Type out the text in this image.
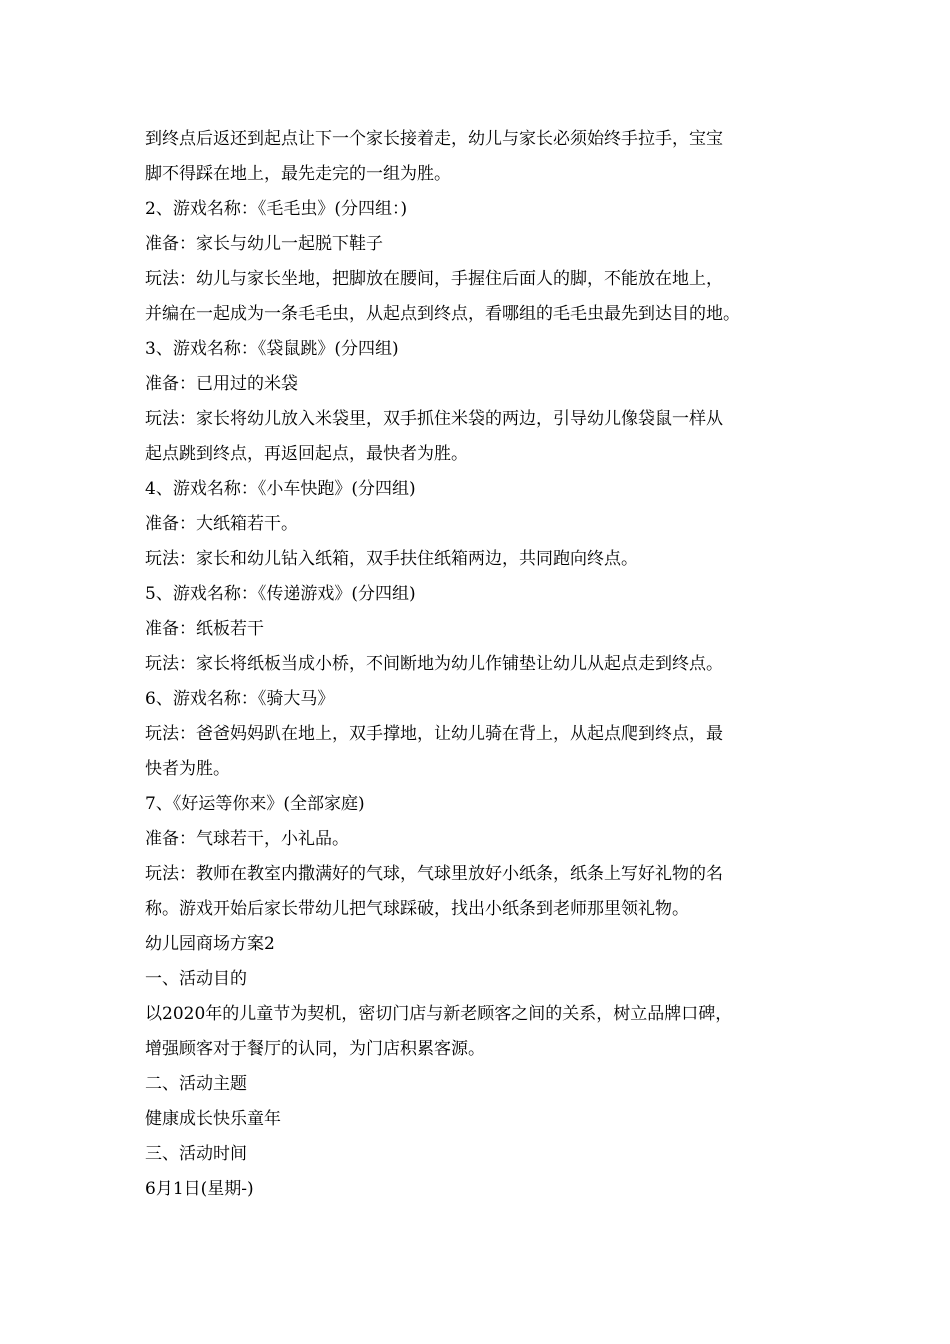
到终点后返还到起点让下一个家长接着走，幼儿与家长必须始终手拉手，宝宝
脚不得踩在地上，最先走完的一组为胜。
2、游戏名称：《毛毛虫》(分四组：)
准备：家长与幼儿一起脱下鞋子
玩法：幼儿与家长坐地，把脚放在腰间，手握住后面人的脚，不能放在地上，
并编在一起成为一条毛毛虫，从起点到终点，看哪组的毛毛虫最先到达目的地。
3、游戏名称：《袋鼠跳》(分四组)
准备：已用过的米袋
玩法：家长将幼儿放入米袋里，双手抓住米袋的两边，引导幼儿像袋鼠一样从
起点跳到终点，再返回起点，最快者为胜。
4、游戏名称：《小车快跑》(分四组)
准备：大纸箱若干。
玩法：家长和幼儿钻入纸箱，双手扶住纸箱两边，共同跑向终点。
5、游戏名称：《传递游戏》(分四组)
准备：纸板若干
玩法：家长将纸板当成小桥，不间断地为幼儿作铺垫让幼儿从起点走到终点。
6、游戏名称：《骑大马》
玩法：爸爸妈妈趴在地上，双手撑地，让幼儿骑在背上，从起点爬到终点，最
快者为胜。
7、《好运等你来》(全部家庭)
准备：气球若干，小礼品。
玩法：教师在教室内撒满好的气球，气球里放好小纸条，纸条上写好礼物的名
称。游戏开始后家长带幼儿把气球踩破，找出小纸条到老师那里领礼物。
幼儿园商场方案2
一、活动目的
以2020年的儿童节为契机，密切门店与新老顾客之间的关系，树立品牌口碑，
增强顾客对于餐厅的认同，为门店积累客源。
二、活动主题
健康成长快乐童年
三、活动时间
6月1日(星期-)
